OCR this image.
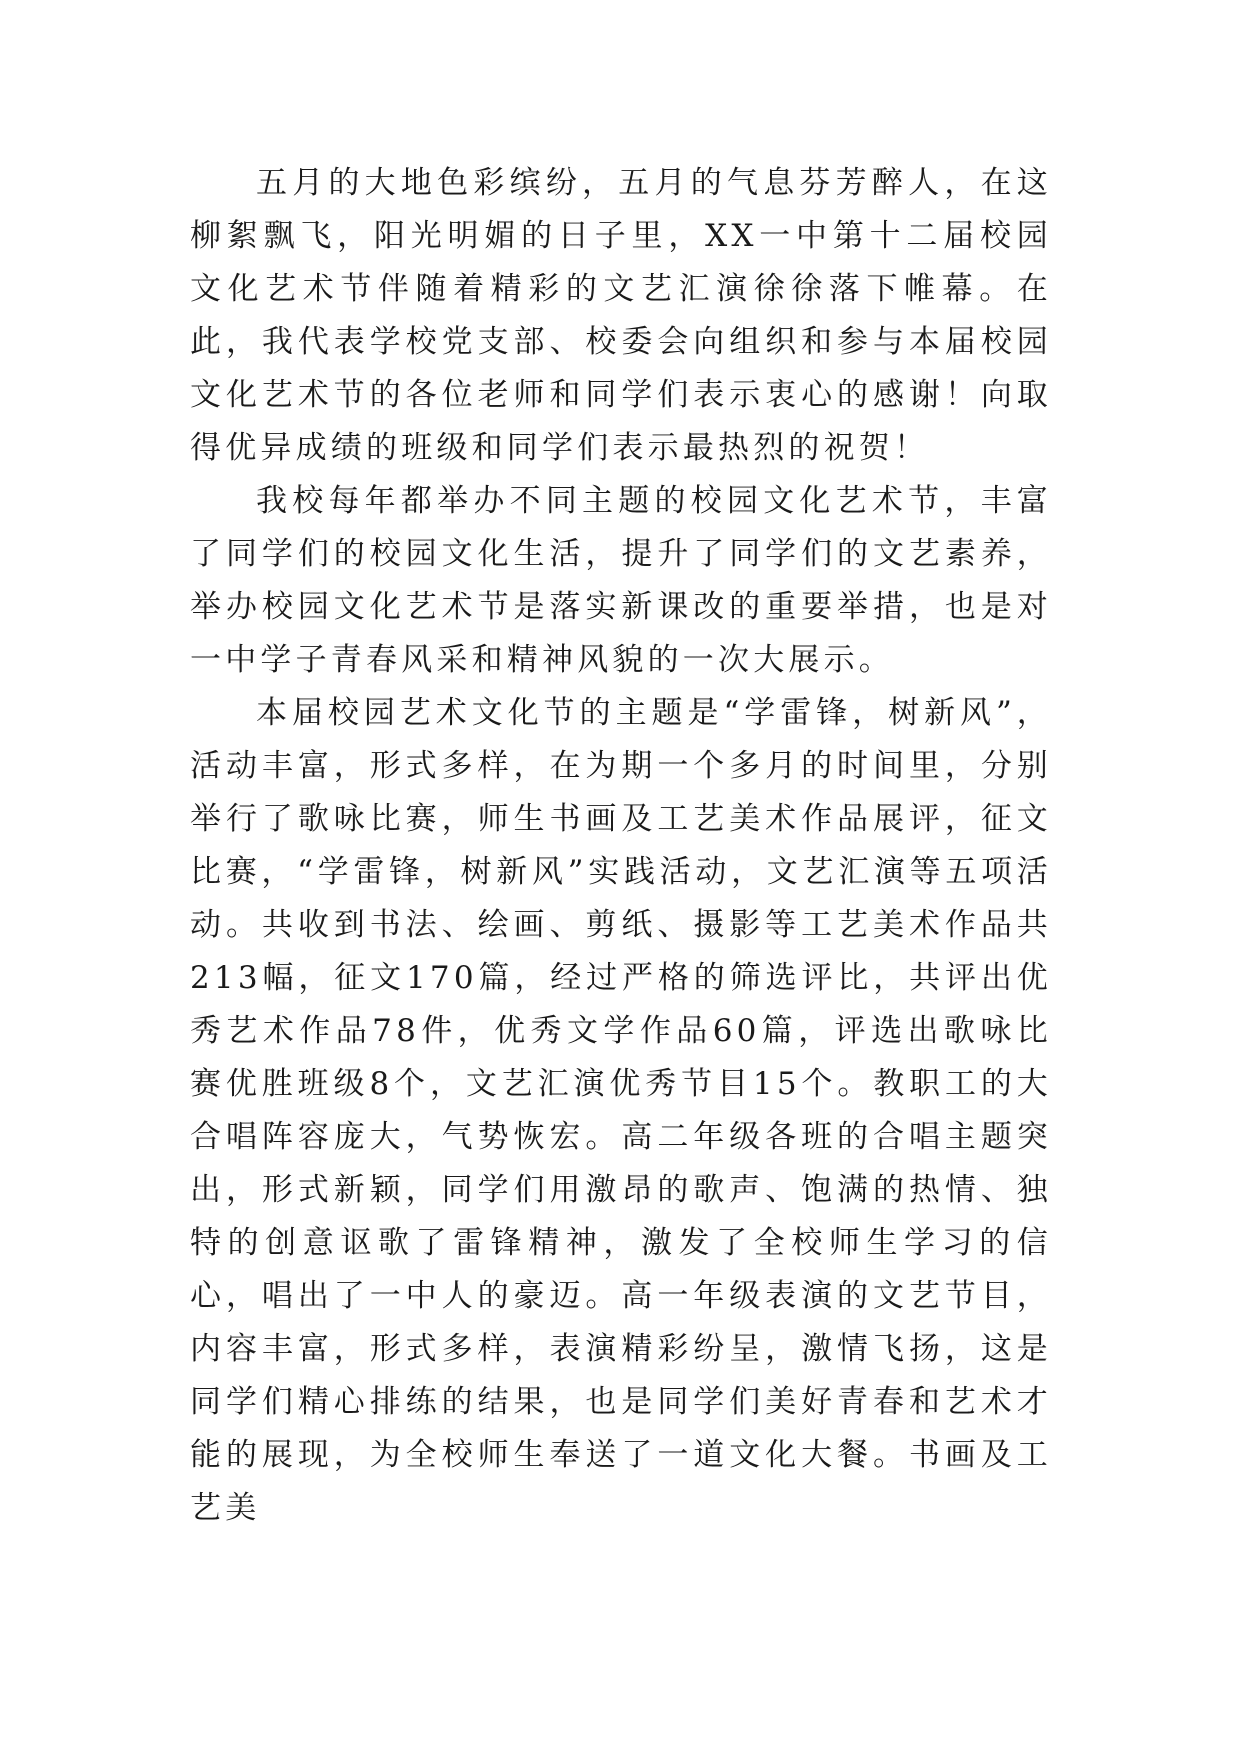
五月的大地色彩缤纷，五月的气息芬芳醉人，在这柳絮飘飞，阳光明媚的日子里，XX一中第十二届校园文化艺术节伴随着精彩的文艺汇演徐徐落下帷幕。在此，我代表学校党支部、校委会向组织和参与本届校园文化艺术节的各位老师和同学们表示衷心的感谢！向取得优异成绩的班级和同学们表示最热烈的祝贺！

我校每年都举办不同主题的校园文化艺术节，丰富了同学们的校园文化生活，提升了同学们的文艺素养，举办校园文化艺术节是落实新课改的重要举措，也是对一中学子青春风采和精神风貌的一次大展示。

本届校园艺术文化节的主题是“学雷锋，树新风”，活动丰富，形式多样，在为期一个多月的时间里，分别举行了歌咏比赛，师生书画及工艺美术作品展评，征文比赛，“学雷锋，树新风”实践活动，文艺汇演等五项活动。共收到书法、绘画、剪纸、摄影等工艺美术作品共213幅，征文170篇，经过严格的筛选评比，共评出优秀艺术作品78件，优秀文学作品60篇，评选出歌咏比赛优胜班级8个，文艺汇演优秀节目15个。教职工的大合唱阵容庞大，气势恢宏。高二年级各班的合唱主题突出，形式新颖，同学们用激昂的歌声、饱满的热情、独特的创意讴歌了雷锋精神，激发了全校师生学习的信心，唱出了一中人的豪迈。高一年级表演的文艺节目，内容丰富，形式多样，表演精彩纷呈，激情飞扬，这是同学们精心排练的结果，也是同学们美好青春和艺术才能的展现，为全校师生奉送了一道文化大餐。书画及工艺美
